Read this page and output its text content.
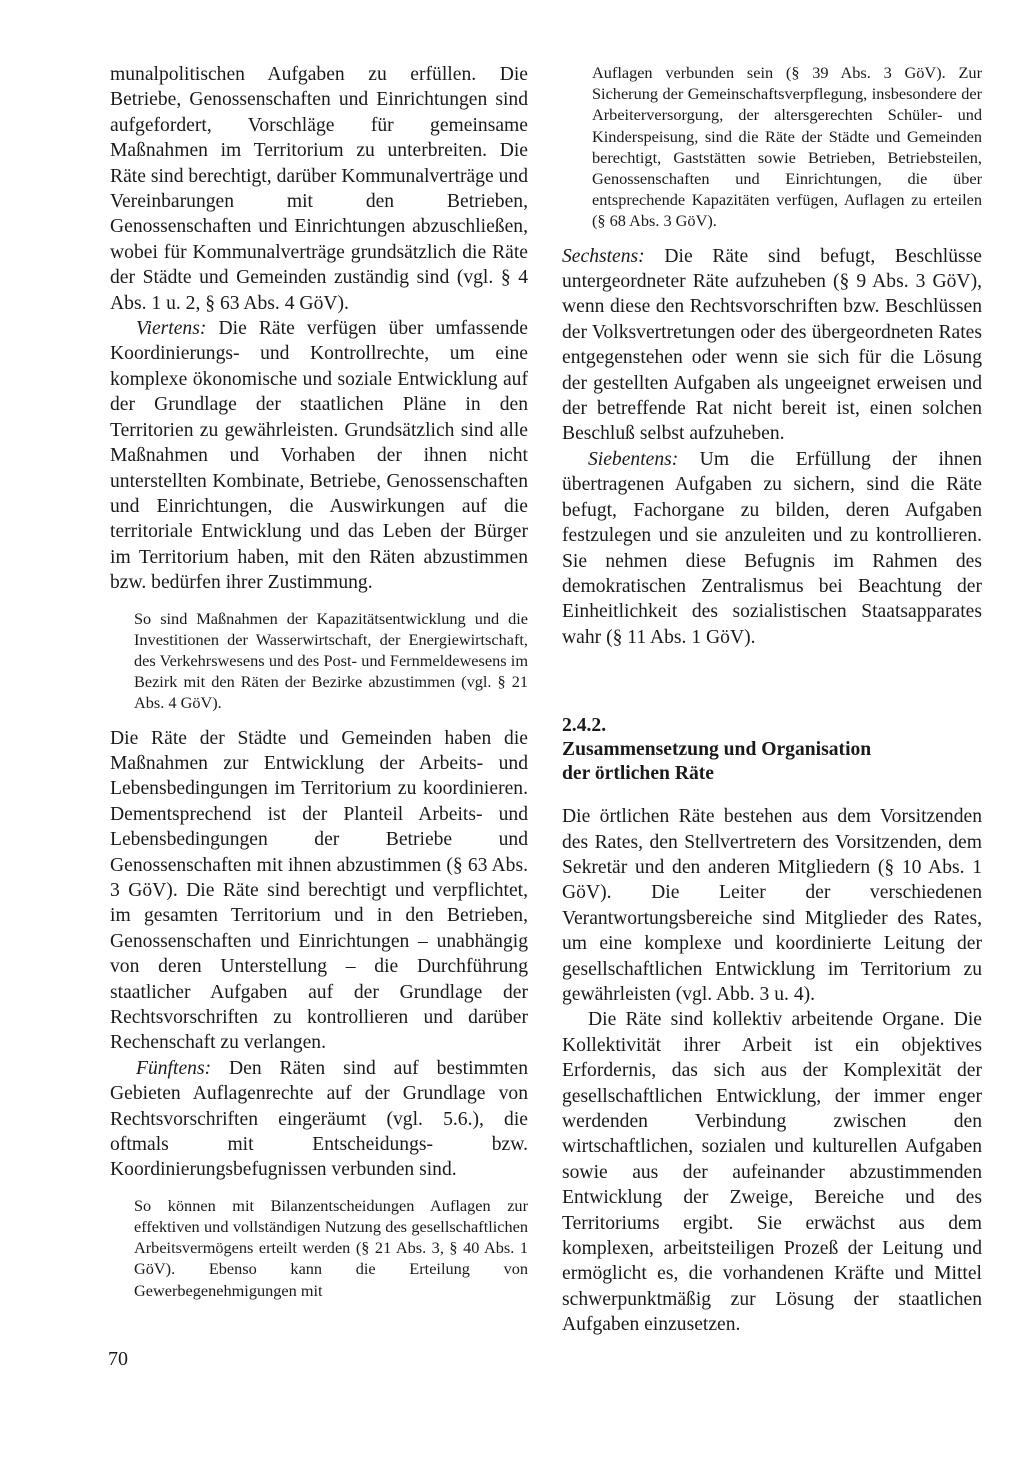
munalpolitischen Aufgaben zu erfüllen. Die Betriebe, Genossenschaften und Einrichtungen sind aufgefordert, Vorschläge für gemeinsame Maßnahmen im Territorium zu unterbreiten. Die Räte sind berechtigt, darüber Kommunalverträge und Vereinbarungen mit den Betrieben, Genossenschaften und Einrichtungen abzuschließen, wobei für Kommunalverträge grundsätzlich die Räte der Städte und Gemeinden zuständig sind (vgl. § 4 Abs. 1 u. 2, § 63 Abs. 4 GöV).

Viertens: Die Räte verfügen über umfassende Koordinierungs- und Kontrollrechte, um eine komplexe ökonomische und soziale Entwicklung auf der Grundlage der staatlichen Pläne in den Territorien zu gewährleisten. Grundsätzlich sind alle Maßnahmen und Vorhaben der ihnen nicht unterstellten Kombinate, Betriebe, Genossenschaften und Einrichtungen, die Auswirkungen auf die territoriale Entwicklung und das Leben der Bürger im Territorium haben, mit den Räten abzustimmen bzw. bedürfen ihrer Zustimmung.

So sind Maßnahmen der Kapazitätsentwicklung und die Investitionen der Wasserwirtschaft, der Energiewirtschaft, des Verkehrswesens und des Post- und Fernmeldewesens im Bezirk mit den Räten der Bezirke abzustimmen (vgl. § 21 Abs. 4 GöV).

Die Räte der Städte und Gemeinden haben die Maßnahmen zur Entwicklung der Arbeits- und Lebensbedingungen im Territorium zu koordinieren. Dementsprechend ist der Planteil Arbeits- und Lebensbedingungen der Betriebe und Genossenschaften mit ihnen abzustimmen (§ 63 Abs. 3 GöV). Die Räte sind berechtigt und verpflichtet, im gesamten Territorium und in den Betrieben, Genossenschaften und Einrichtungen – unabhängig von deren Unterstellung – die Durchführung staatlicher Aufgaben auf der Grundlage der Rechtsvorschriften zu kontrollieren und darüber Rechenschaft zu verlangen.

Fünftens: Den Räten sind auf bestimmten Gebieten Auflagenrechte auf der Grundlage von Rechtsvorschriften eingeräumt (vgl. 5.6.), die oftmals mit Entscheidungs- bzw. Koordinierungsbefugnissen verbunden sind.

So können mit Bilanzentscheidungen Auflagen zur effektiven und vollständigen Nutzung des gesellschaftlichen Arbeitsvermögens erteilt werden (§ 21 Abs. 3, § 40 Abs. 1 GöV). Ebenso kann die Erteilung von Gewerbegenehmigungen mit

Auflagen verbunden sein (§ 39 Abs. 3 GöV). Zur Sicherung der Gemeinschaftsverpflegung, insbesondere der Arbeiterversorgung, der altersgerechten Schüler- und Kinderspeisung, sind die Räte der Städte und Gemeinden berechtigt, Gaststätten sowie Betrieben, Betriebsteilen, Genossenschaften und Einrichtungen, die über entsprechende Kapazitäten verfügen, Auflagen zu erteilen (§ 68 Abs. 3 GöV).

Sechstens: Die Räte sind befugt, Beschlüsse untergeordneter Räte aufzuheben (§ 9 Abs. 3 GöV), wenn diese den Rechtsvorschriften bzw. Beschlüssen der Volksvertretungen oder des übergeordneten Rates entgegenstehen oder wenn sie sich für die Lösung der gestellten Aufgaben als ungeeignet erweisen und der betreffende Rat nicht bereit ist, einen solchen Beschluß selbst aufzuheben.

Siebentens: Um die Erfüllung der ihnen übertragenen Aufgaben zu sichern, sind die Räte befugt, Fachorgane zu bilden, deren Aufgaben festzulegen und sie anzuleiten und zu kontrollieren. Sie nehmen diese Befugnis im Rahmen des demokratischen Zentralismus bei Beachtung der Einheitlichkeit des sozialistischen Staatsapparates wahr (§ 11 Abs. 1 GöV).

2.4.2.
Zusammensetzung und Organisation
der örtlichen Räte

Die örtlichen Räte bestehen aus dem Vorsitzenden des Rates, den Stellvertretern des Vorsitzenden, dem Sekretär und den anderen Mitgliedern (§ 10 Abs. 1 GöV). Die Leiter der verschiedenen Verantwortungsbereiche sind Mitglieder des Rates, um eine komplexe und koordinierte Leitung der gesellschaftlichen Entwicklung im Territorium zu gewährleisten (vgl. Abb. 3 u. 4).

Die Räte sind kollektiv arbeitende Organe. Die Kollektivität ihrer Arbeit ist ein objektives Erfordernis, das sich aus der Komplexität der gesellschaftlichen Entwicklung, der immer enger werdenden Verbindung zwischen den wirtschaftlichen, sozialen und kulturellen Aufgaben sowie aus der aufeinander abzustimmenden Entwicklung der Zweige, Bereiche und des Territoriums ergibt. Sie erwächst aus dem komplexen, arbeitsteiligen Prozeß der Leitung und ermöglicht es, die vorhandenen Kräfte und Mittel schwerpunktmäßig zur Lösung der staatlichen Aufgaben einzusetzen.

70
